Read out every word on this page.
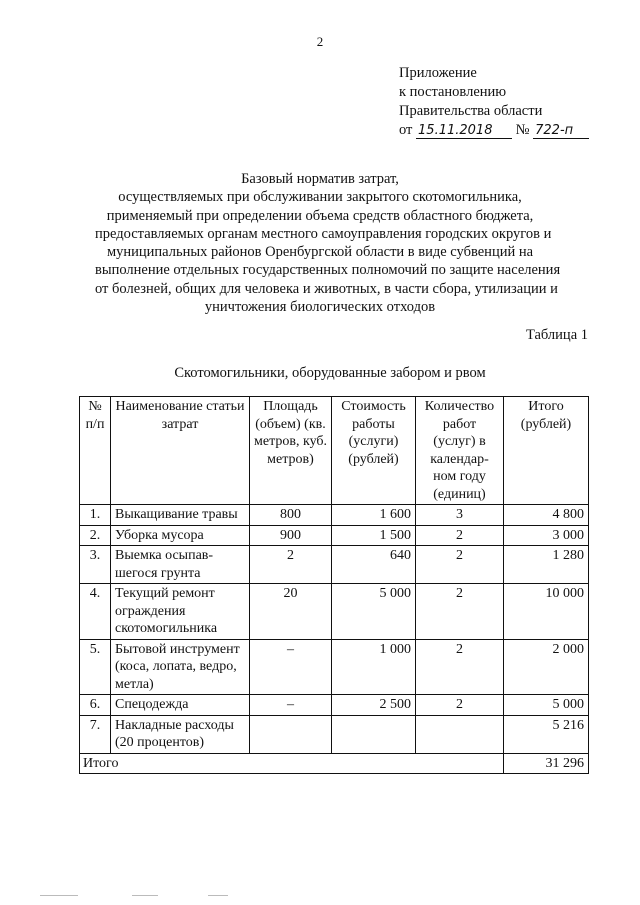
2
Приложение
к постановлению
Правительства области
от 15.11.2018 № 722-п
Базовый норматив затрат,
осуществляемых при обслуживании закрытого скотомогильника,
применяемый при определении объема средств областного бюджета,
предоставляемых органам местного самоуправления городских округов и
муниципальных районов Оренбургской области в виде субвенций на
выполнение отдельных государственных полномочий по защите населения
от болезней, общих для человека и животных, в части сбора, утилизации и
уничтожения биологических отходов
Таблица 1
Скотомогильники, оборудованные забором и рвом
№ п/п	Наименование статьи затрат	Площадь (объем) (кв. метров, куб. метров)	Стоимость работы (услуги) (рублей)	Количество работ (услуг) в календар-ном году (единиц)	Итого (рублей)
1.	Выкащивание травы	800	1 600	3	4 800
2.	Уборка мусора	900	1 500	2	3 000
3.	Выемка осыпав-шегося грунта	2	640	2	1 280
4.	Текущий ремонт ограждения скотомогильника	20	5 000	2	10 000
5.	Бытовой инструмент (коса, лопата, ведро, метла)	–	1 000	2	2 000
6.	Спецодежда	–	2 500	2	5 000
7.	Накладные расходы (20 процентов)				5 216
Итого					31 296
